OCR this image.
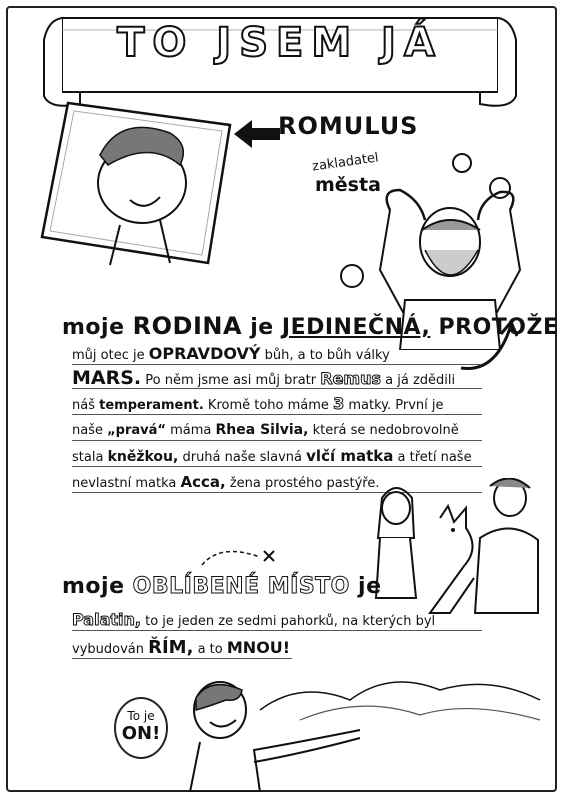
TO JSEM JÁ
ROMULUS
zakladatel
města
moje RODINA je JEDINEČNÁ, PROTOŽE
můj otec je OPRAVDOVÝ bůh, a to bůh války
MARS. Po něm jsme asi můj bratr Remus a já zdědili
náš temperament. Kromě toho máme 3 matky. První je
naše „pravá“ máma Rhea Silvia, která se nedobrovolně
stala kněžkou, druhá naše slavná vlčí matka a třetí naše
nevlastní matka Acca, žena prostého pastýře.
moje OBLÍBENÉ MÍSTO je
Palatin, to je jeden ze sedmi pahorků, na kterých byl
vybudován ŘÍM, a to MNOU!
To je
ON!
